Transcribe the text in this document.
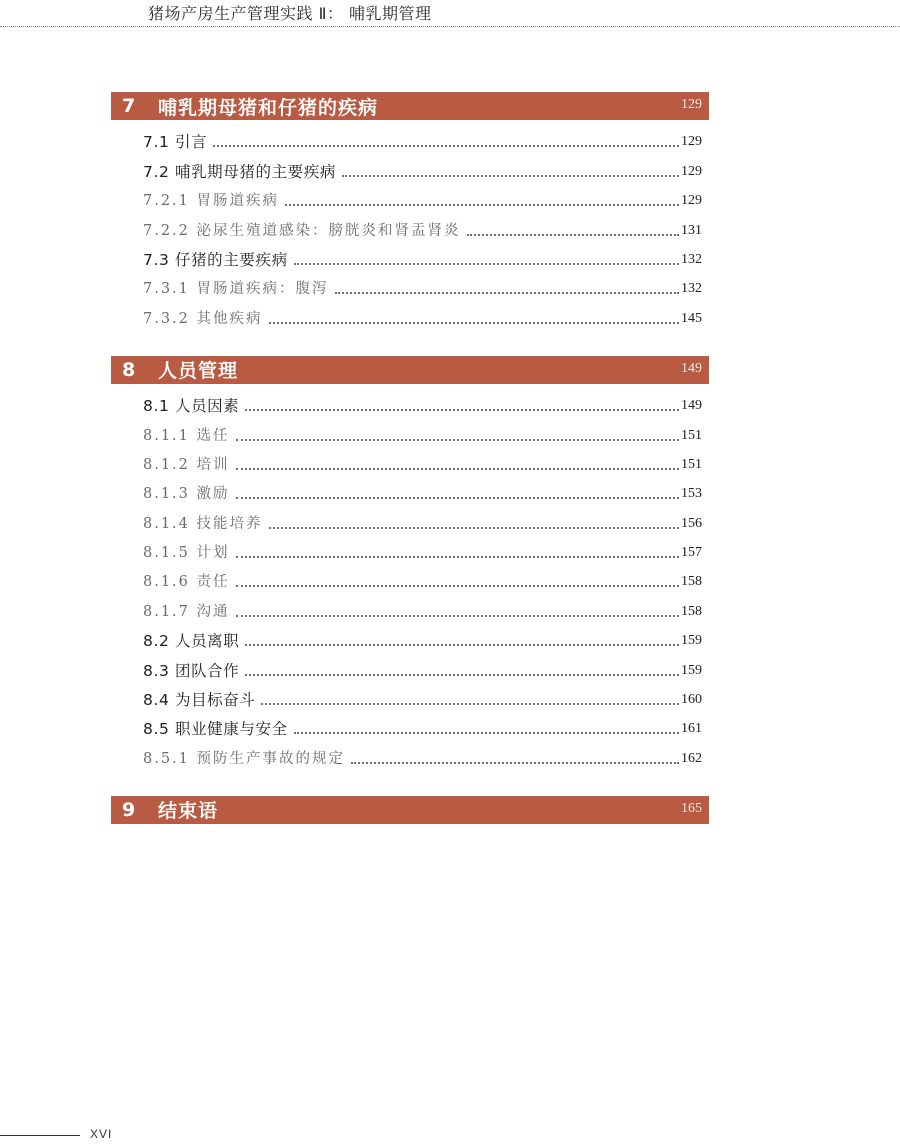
猪场产房生产管理实践 Ⅱ： 哺乳期管理
7	哺乳期母猪和仔猪的疾病	129
7.1 引言	129
7.2 哺乳期母猪的主要疾病	129
7.2.1 胃肠道疾病	129
7.2.2 泌尿生殖道感染：膀胱炎和肾盂肾炎	131
7.3 仔猪的主要疾病	132
7.3.1 胃肠道疾病：腹泻	132
7.3.2 其他疾病	145
8	人员管理	149
8.1 人员因素	149
8.1.1 选任	151
8.1.2 培训	151
8.1.3 激励	153
8.1.4 技能培养	156
8.1.5 计划	157
8.1.6 责任	158
8.1.7 沟通	158
8.2 人员离职	159
8.3 团队合作	159
8.4 为目标奋斗	160
8.5 职业健康与安全	161
8.5.1 预防生产事故的规定	162
9	结束语	165
XVI
